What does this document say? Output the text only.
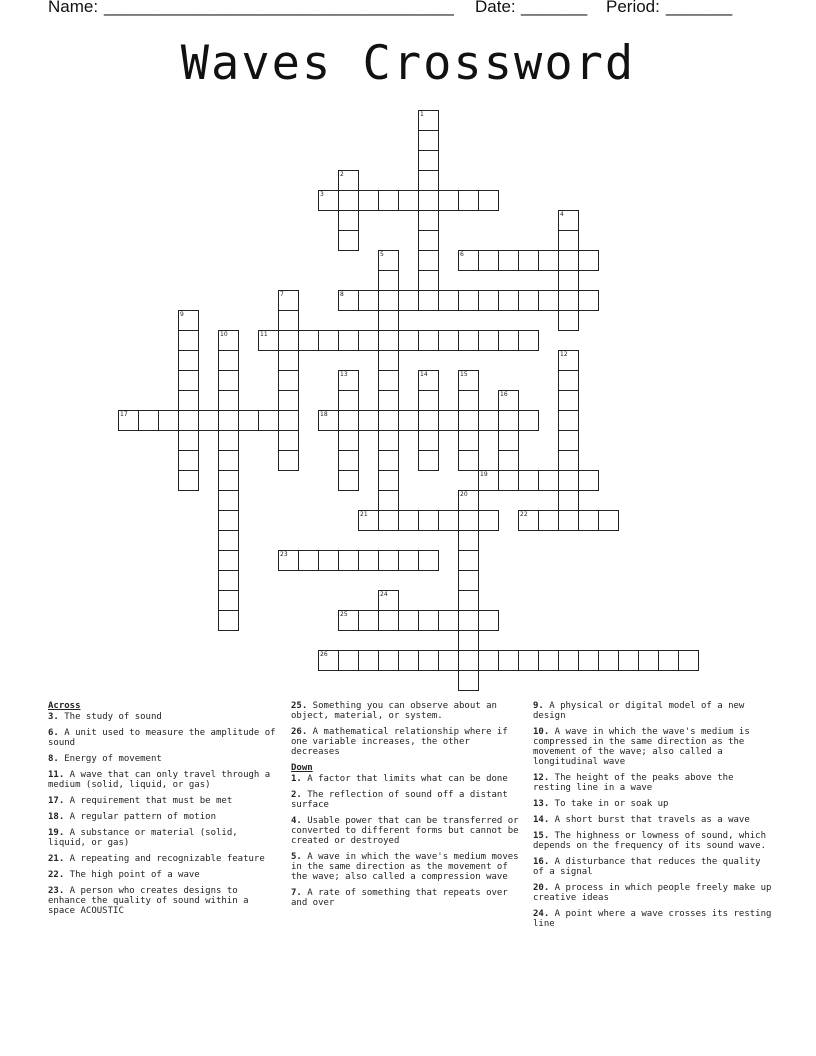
Name: _____________________________________ Date: _______ Period: _______
Waves Crossword
1
2
3
4
5	6
7	8
9
10	11
12
13	14	15
16
17	18
19
20
21	22
23
24
25
26
Across
3. The study of sound
6. A unit used to measure the amplitude of sound
8. Energy of movement
11. A wave that can only travel through a medium (solid, liquid, or gas)
17. A requirement that must be met
18. A regular pattern of motion
19. A substance or material (solid, liquid, or gas)
21. A repeating and recognizable feature
22. The high point of a wave
23. A person who creates designs to enhance the quality of sound within a space ACOUSTIC
25. Something you can observe about an object, material, or system.
26. A mathematical relationship where if one variable increases, the other decreases
Down
1. A factor that limits what can be done
2. The reflection of sound off a distant surface
4. Usable power that can be transferred or converted to different forms but cannot be created or destroyed
5. A wave in which the wave's medium moves in the same direction as the movement of the wave; also called a compression wave
7. A rate of something that repeats over and over
9. A physical or digital model of a new design
10. A wave in which the wave's medium is compressed in the same direction as the movement of the wave; also called a longitudinal wave
12. The height of the peaks above the resting line in a wave
13. To take in or soak up
14. A short burst that travels as a wave
15. The highness or lowness of sound, which depends on the frequency of its sound wave.
16. A disturbance that reduces the quality of a signal
20. A process in which people freely make up creative ideas
24. A point where a wave crosses its resting line
